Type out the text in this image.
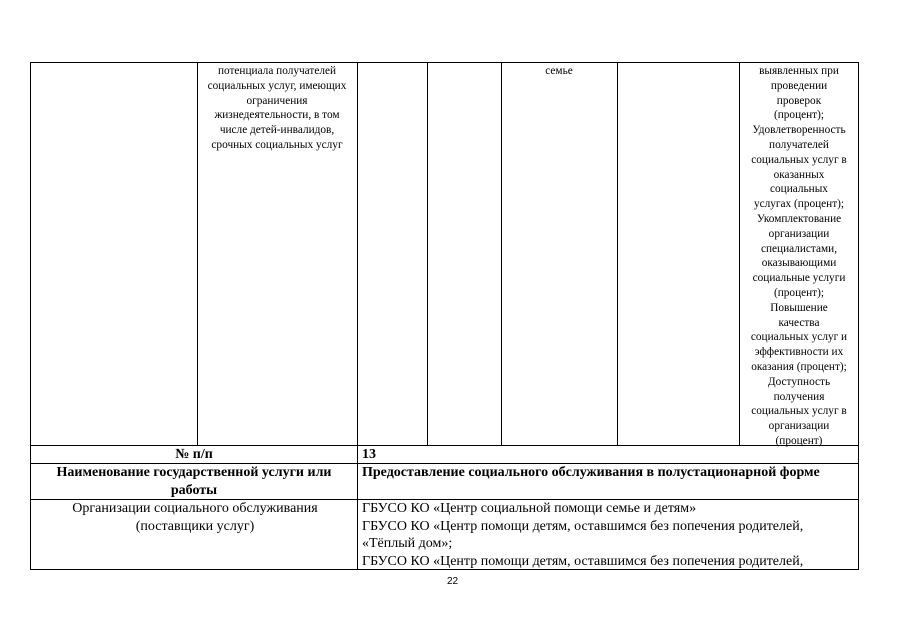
потенциала получателей социальных услуг, имеющих ограничения жизнедеятельности, в том числе детей-инвалидов, срочных социальных услуг
семье	выявленных при
проведении
проверок
(процент);
Удовлетворенность
получателей
социальных услуг в
оказанных
социальных
услугах (процент);
Укомплектование
организации
специалистами,
оказывающими
социальные услуги
(процент);
Повышение
качества
социальных услуг и
эффективности их
оказания (процент);
Доступность
получения
социальных услуг в
организации
(процент)
№ п/п	13
Наименование государственной услуги или работы
Предоставление социального обслуживания в полустационарной форме
Организации социального обслуживания (поставщики услуг)
ГБУСО КО «Центр социальной помощи семье и детям»
ГБУСО КО «Центр помощи детям, оставшимся без попечения родителей,
«Тёплый дом»;
ГБУСО КО «Центр помощи детям, оставшимся без попечения родителей,
22
